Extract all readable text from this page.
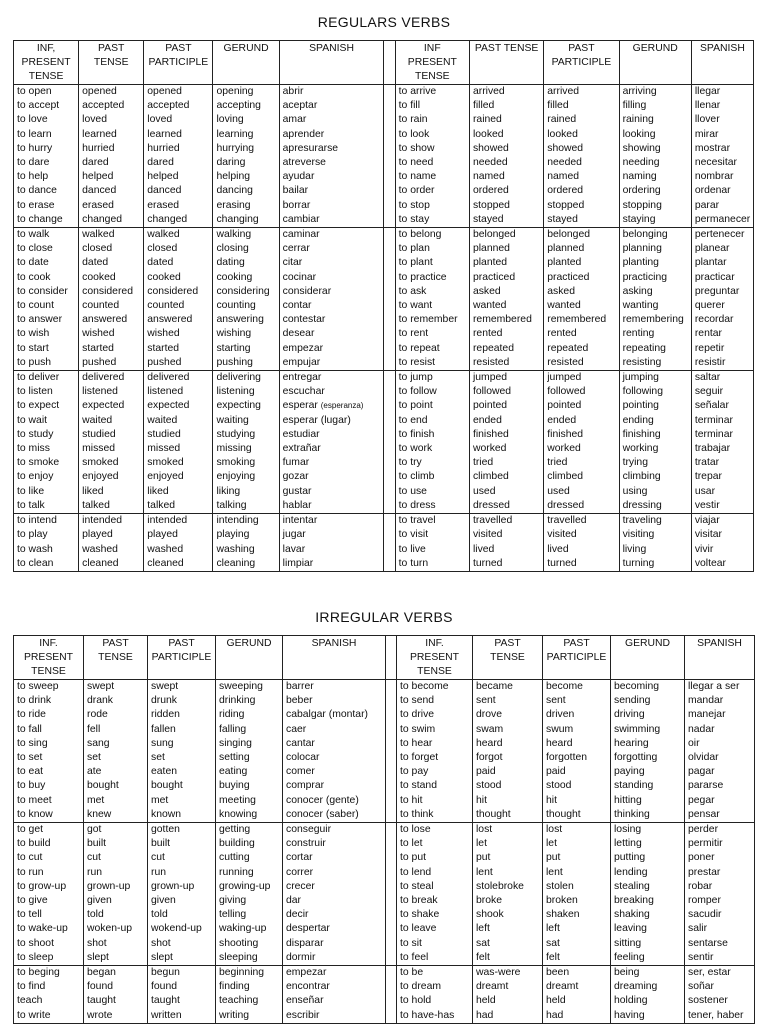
REGULARS VERBS
INF, PRESENT TENSE	PAST TENSE	PAST PARTICIPLE	GERUND	SPANISH		INF PRESENT TENSE	PAST TENSE	PAST PARTICIPLE	GERUND	SPANISH
to open	opened	opened	opening	abrir		to arrive	arrived	arrived	arriving	llegar
to accept	accepted	accepted	accepting	aceptar		to fill	filled	filled	filling	llenar
to love	loved	loved	loving	amar		to rain	rained	rained	raining	llover
to learn	learned	learned	learning	aprender		to look	looked	looked	looking	mirar
to hurry	hurried	hurried	hurrying	apresurarse		to show	showed	showed	showing	mostrar
to dare	dared	dared	daring	atreverse		to need	needed	needed	needing	necesitar
to help	helped	helped	helping	ayudar		to name	named	named	naming	nombrar
to dance	danced	danced	dancing	bailar		to order	ordered	ordered	ordering	ordenar
to erase	erased	erased	erasing	borrar		to stop	stopped	stopped	stopping	parar
to change	changed	changed	changing	cambiar		to stay	stayed	stayed	staying	permanecer
to walk	walked	walked	walking	caminar		to belong	belonged	belonged	belonging	pertenecer
to close	closed	closed	closing	cerrar		to plan	planned	planned	planning	planear
to date	dated	dated	dating	citar		to plant	planted	planted	planting	plantar
to cook	cooked	cooked	cooking	cocinar		to practice	practiced	practiced	practicing	practicar
to consider	considered	considered	considering	considerar		to ask	asked	asked	asking	preguntar
to count	counted	counted	counting	contar		to want	wanted	wanted	wanting	querer
to answer	answered	answered	answering	contestar		to remember	remembered	remembered	remembering	recordar
to wish	wished	wished	wishing	desear		to rent	rented	rented	renting	rentar
to start	started	started	starting	empezar		to repeat	repeated	repeated	repeating	repetir
to push	pushed	pushed	pushing	empujar		to resist	resisted	resisted	resisting	resistir
to deliver	delivered	delivered	delivering	entregar		to jump	jumped	jumped	jumping	saltar
to listen	listened	listened	listening	escuchar		to follow	followed	followed	following	seguir
to expect	expected	expected	expecting	esperar (esperanza)		to point	pointed	pointed	pointing	señalar
to wait	waited	waited	waiting	esperar (lugar)		to end	ended	ended	ending	terminar
to study	studied	studied	studying	estudiar		to finish	finished	finished	finishing	terminar
to miss	missed	missed	missing	extrañar		to work	worked	worked	working	trabajar
to smoke	smoked	smoked	smoking	fumar		to try	tried	tried	trying	tratar
to enjoy	enjoyed	enjoyed	enjoying	gozar		to climb	climbed	climbed	climbing	trepar
to like	liked	liked	liking	gustar		to use	used	used	using	usar
to talk	talked	talked	talking	hablar		to dress	dressed	dressed	dressing	vestir
to intend	intended	intended	intending	intentar		to travel	travelled	travelled	traveling	viajar
to play	played	played	playing	jugar		to visit	visited	visited	visiting	visitar
to wash	washed	washed	washing	lavar		to live	lived	lived	living	vivir
to clean	cleaned	cleaned	cleaning	limpiar		to turn	turned	turned	turning	voltear
IRREGULAR VERBS
INF. PRESENT TENSE	PAST TENSE	PAST PARTICIPLE	GERUND	SPANISH		INF. PRESENT TENSE	PAST TENSE	PAST PARTICIPLE	GERUND	SPANISH
to sweep	swept	swept	sweeping	barrer		to become	became	become	becoming	llegar a ser
to drink	drank	drunk	drinking	beber		to send	sent	sent	sending	mandar
to ride	rode	ridden	riding	cabalgar (montar)		to drive	drove	driven	driving	manejar
to fall	fell	fallen	falling	caer		to swim	swam	swum	swimming	nadar
to sing	sang	sung	singing	cantar		to hear	heard	heard	hearing	oir
to set	set	set	setting	colocar		to forget	forgot	forgotten	forgotting	olvidar
to eat	ate	eaten	eating	comer		to pay	paid	paid	paying	pagar
to buy	bought	bought	buying	comprar		to stand	stood	stood	standing	pararse
to meet	met	met	meeting	conocer (gente)		to hit	hit	hit	hitting	pegar
to know	knew	known	knowing	conocer (saber)		to think	thought	thought	thinking	pensar
to get	got	gotten	getting	conseguir		to lose	lost	lost	losing	perder
to build	built	built	building	construir		to let	let	let	letting	permitir
to cut	cut	cut	cutting	cortar		to put	put	put	putting	poner
to run	run	run	running	correr		to lend	lent	lent	lending	prestar
to grow-up	grown-up	grown-up	growing-up	crecer		to steal	stolebroke	stolen	stealing	robar
to give	given	given	giving	dar		to break	broke	broken	breaking	romper
to tell	told	told	telling	decir		to shake	shook	shaken	shaking	sacudir
to wake-up	woken-up	wokend-up	waking-up	despertar		to leave	left	left	leaving	salir
to shoot	shot	shot	shooting	disparar		to sit	sat	sat	sitting	sentarse
to sleep	slept	slept	sleeping	dormir		to feel	felt	felt	feeling	sentir
to beging	began	begun	beginning	empezar		to be	was-were	been	being	ser, estar
to find	found	found	finding	encontrar		to dream	dreamt	dreamt	dreaming	soñar
teach	taught	taught	teaching	enseñar		to hold	held	held	holding	sostener
to write	wrote	written	writing	escribir		to have-has	had	had	having	tener, haber
